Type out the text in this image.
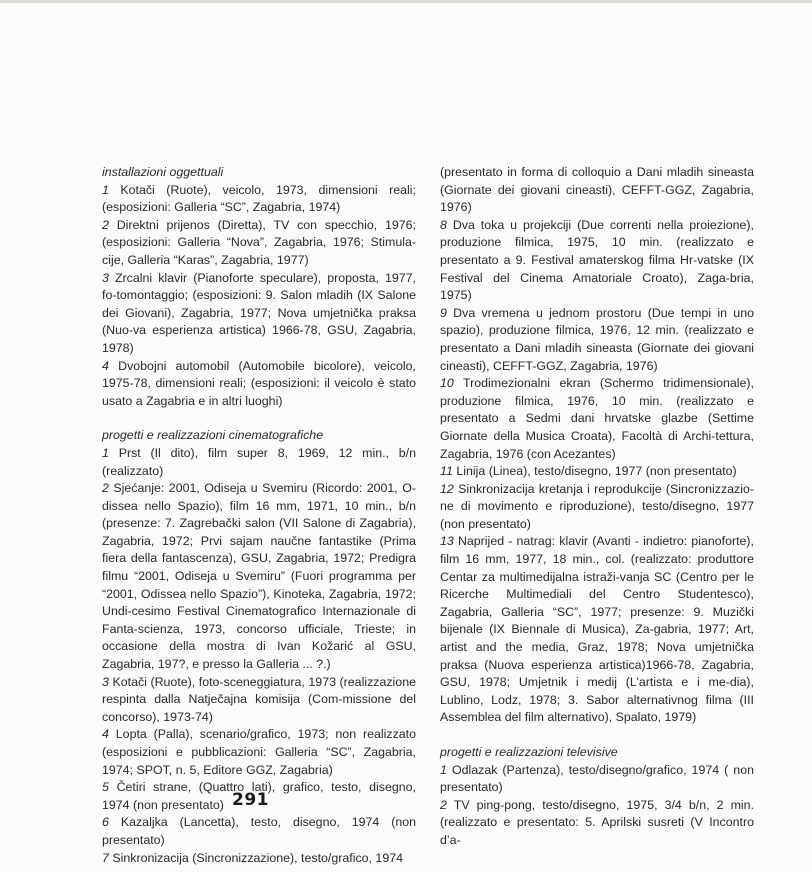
installazioni oggettuali
1 Kotači (Ruote), veicolo, 1973, dimensioni reali; (esposizioni: Galleria “SC”, Zagabria, 1974)
2 Direktni prijenos (Diretta), TV con specchio, 1976; (esposizioni: Galleria “Nova”, Zagabria, 1976; Stimula-cije, Galleria “Karas”, Zagabria, 1977)
3 Zrcalni klavir (Pianoforte speculare), proposta, 1977, fo-tomontaggio; (esposizioni: 9. Salon mladih (IX Salone dei Giovani), Zagabria, 1977; Nova umjetnička praksa (Nuo-va esperienza artistica) 1966-78, GSU, Zagabria, 1978)
4 Dvobojni automobil (Automobile bicolore), veicolo, 1975-78, dimensioni reali; (esposizioni: il veicolo è stato usato a Zagabria e in altri luoghi)
progetti e realizzazioni cinematografiche
1 Prst (Il dito), film super 8, 1969, 12 min., b/n (realizzato)
2 Sjećanje: 2001, Odiseja u Svemiru (Ricordo: 2001, O-dissea nello Spazio), film 16 mm, 1971, 10 min., b/n (presenze: 7. Zagrebački salon (VII Salone di Zagabria), Zagabria, 1972; Prvi sajam naučne fantastike (Prima fiera della fantascenza), GSU, Zagabria, 1972; Predigra filmu “2001, Odiseja u Svemiru” (Fuori programma per “2001, Odissea nello Spazio”), Kinoteka, Zagabria, 1972; Undi-cesimo Festival Cinematografico Internazionale di Fanta-scienza, 1973, concorso ufficiale, Trieste; in occasione della mostra di Ivan Kožarić al GSU, Zagabria, 197?, e presso la Galleria ... ?.)
3 Kotači (Ruote), foto-sceneggiatura, 1973 (realizzazione respinta dalla Natječajna komisija (Com-missione del concorso), 1973-74)
4 Lopta (Palla), scenario/grafico, 1973; non realizzato (esposizioni e pubblicazioni: Galleria “SC”, Zagabria, 1974; SPOT, n. 5, Editore GGZ, Zagabria)
5 Četiri strane, (Quattro lati), grafico, testo, disegno, 1974 (non presentato)
6 Kazaljka (Lancetta), testo, disegno, 1974 (non presentato)
7 Sinkronizacija (Sincronizzazione), testo/grafico, 1974
(presentato in forma di colloquio a Dani mladih sineasta (Giornate dei giovani cineasti), CEFFT-GGZ, Zagabria, 1976)
8 Dva toka u projekciji (Due correnti nella proiezione), produzione filmica, 1975, 10 min. (realizzato e presentato a 9. Festival amaterskog filma Hr-vatske (IX Festival del Cinema Amatoriale Croato), Zaga-bria, 1975)
9 Dva vremena u jednom prostoru (Due tempi in uno spazio), produzione filmica, 1976, 12 min. (realizzato e presentato a Dani mladih sineasta (Giornate dei giovani cineasti), CEFFT-GGZ, Zagabria, 1976)
10 Trodimezionalni ekran (Schermo tridimensionale), produzione filmica, 1976, 10 min. (realizzato e presentato a Sedmi dani hrvatske glazbe (Settime Giornate della Musica Croata), Facoltà di Archi-tettura, Zagabria, 1976 (con Acezantes)
11 Linija (Linea), testo/disegno, 1977 (non presentato)
12 Sinkronizacija kretanja i reprodukcije (Sincronizzazio-ne di movimento e riproduzione), testo/disegno, 1977 (non presentato)
13 Naprijed - natrag: klavir (Avanti - indietro: pianoforte), film 16 mm, 1977, 18 min., col. (realizzato: produttore Centar za multimedijalna istraži-vanja SC (Centro per le Ricerche Multimediali del Centro Studentesco), Zagabria, Galleria “SC”, 1977; presenze: 9. Muzički bijenale (IX Biennale di Musica), Za-gabria, 1977; Art, artist and the media, Graz, 1978; Nova umjetnička praksa (Nuova esperienza artistica)1966-78, Zagabria, GSU, 1978; Umjetnik i medij (L’artista e i me-dia), Lublino, Lodz, 1978; 3. Sabor alternativnog filma (III Assemblea del film alternativo), Spalato, 1979)
progetti e realizzazioni televisive
1 Odlazak (Partenza), testo/disegno/grafico, 1974 ( non presentato)
2 TV ping-pong, testo/disegno, 1975, 3/4 b/n, 2 min. (realizzato e presentato: 5. Aprilski susreti (V Incontro d’a-
291
